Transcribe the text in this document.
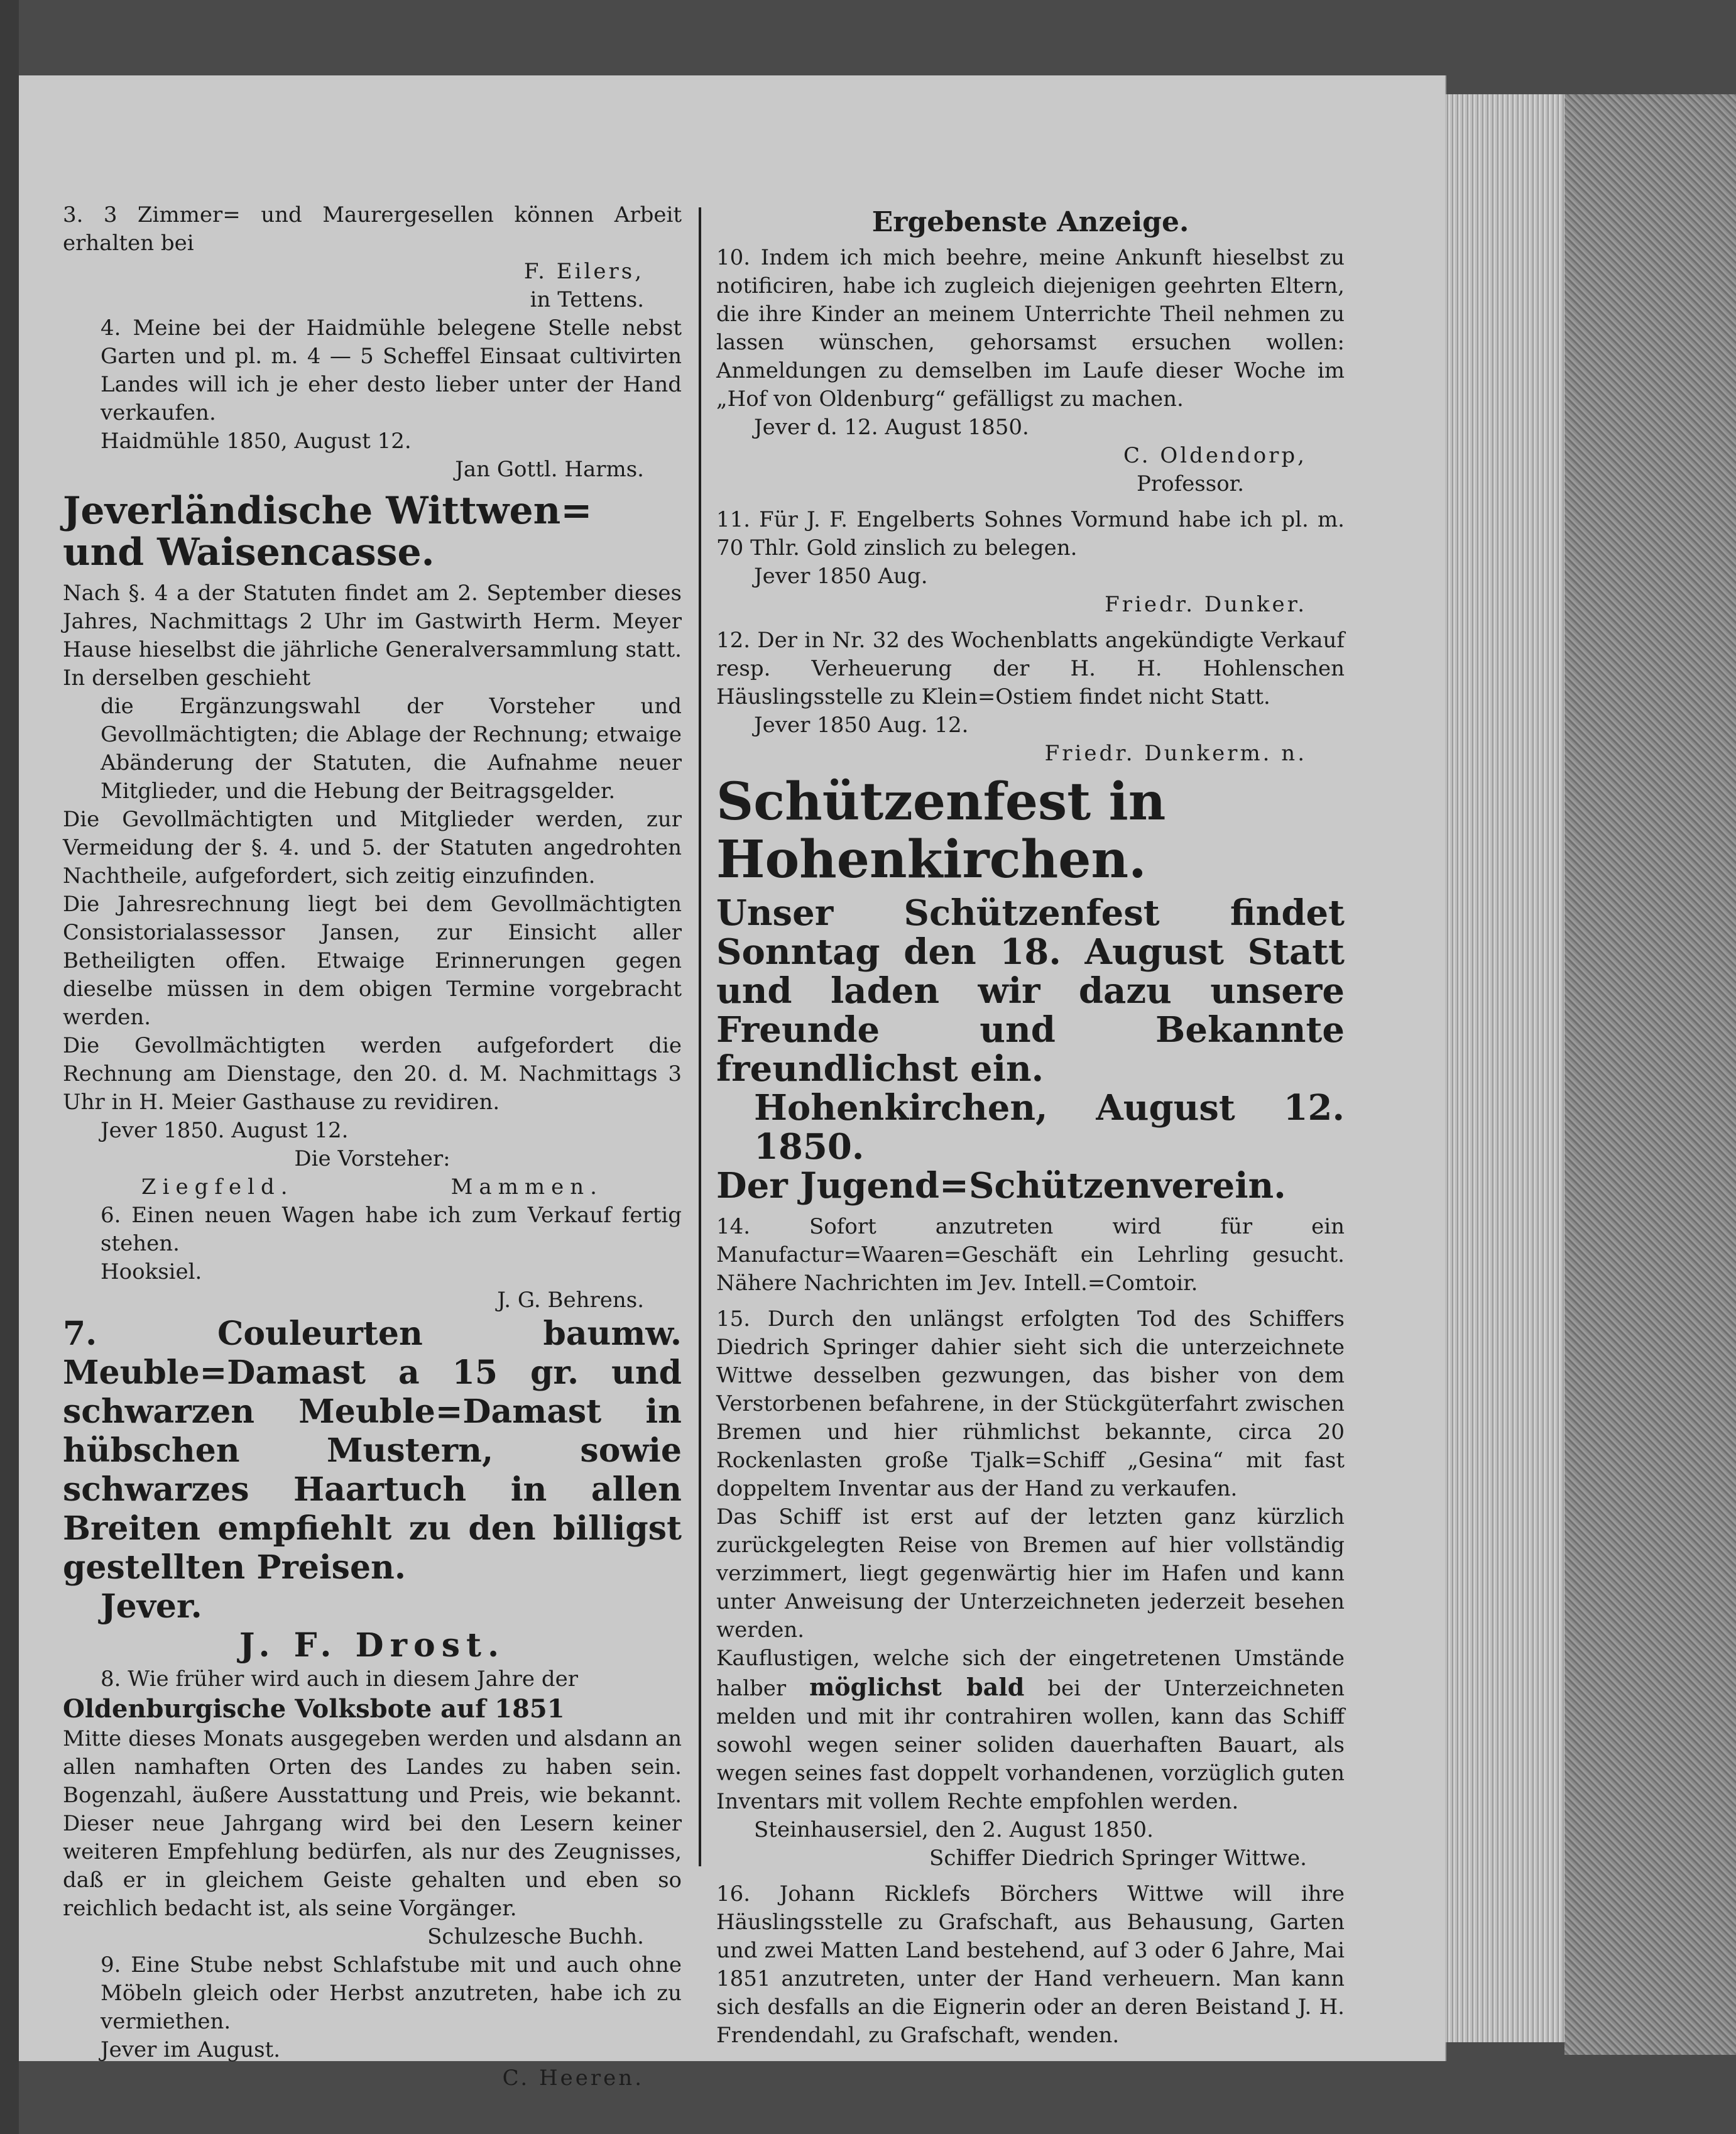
3. 3 Zimmer= und Maurergesellen können Arbeit erhalten bei

F. Eilers,

in Tettens.

4. Meine bei der Haidmühle belegene Stelle nebst Garten und pl. m. 4 — 5 Scheffel Einsaat cultivirten Landes will ich je eher desto lieber unter der Hand verkaufen.

Haidmühle 1850, August 12.

Jan Gottl. Harms.

Jeverländische Wittwen= und Waisencasse.

Nach §. 4 a der Statuten findet am 2. September dieses Jahres, Nachmittags 2 Uhr im Gastwirth Herm. Meyer Hause hieselbst die jährliche Generalversammlung statt. In derselben geschieht

die Ergänzungswahl der Vorsteher und Gevollmächtigten; die Ablage der Rechnung; etwaige Abänderung der Statuten, die Aufnahme neuer Mitglieder, und die Hebung der Beitragsgelder.

Die Gevollmächtigten und Mitglieder werden, zur Vermeidung der §. 4. und 5. der Statuten angedrohten Nachtheile, aufgefordert, sich zeitig einzufinden.

Die Jahresrechnung liegt bei dem Gevollmächtigten Consistorialassessor Jansen, zur Einsicht aller Betheiligten offen. Etwaige Erinnerungen gegen dieselbe müssen in dem obigen Termine vorgebracht werden.

Die Gevollmächtigten werden aufgefordert die Rechnung am Dienstage, den 20. d. M. Nachmittags 3 Uhr in H. Meier Gasthause zu revidiren.

Jever 1850. August 12.

Die Vorsteher:

Ziegfeld.	Mammen.

6. Einen neuen Wagen habe ich zum Verkauf fertig stehen.

Hooksiel.

J. G. Behrens.

7. Couleurten baumw. Meuble=Damast a 15 gr. und schwarzen Meuble=Damast in hübschen Mustern, sowie schwarzes Haartuch in allen Breiten empfiehlt zu den billigst gestellten Preisen.

Jever.

J. F. Drost.

8. Wie früher wird auch in diesem Jahre der

Oldenburgische Volksbote auf 1851

Mitte dieses Monats ausgegeben werden und alsdann an allen namhaften Orten des Landes zu haben sein. Bogenzahl, äußere Ausstattung und Preis, wie bekannt. Dieser neue Jahrgang wird bei den Lesern keiner weiteren Empfehlung bedürfen, als nur des Zeugnisses, daß er in gleichem Geiste gehalten und eben so reichlich bedacht ist, als seine Vorgänger.

Schulzesche Buchh.

9. Eine Stube nebst Schlafstube mit und auch ohne Möbeln gleich oder Herbst anzutreten, habe ich zu vermiethen.

Jever im August.

C. Heeren.

Ergebenste Anzeige.

10. Indem ich mich beehre, meine Ankunft hieselbst zu notificiren, habe ich zugleich diejenigen geehrten Eltern, die ihre Kinder an meinem Unterrichte Theil nehmen zu lassen wünschen, gehorsamst ersuchen wollen: Anmeldungen zu demselben im Laufe dieser Woche im „Hof von Oldenburg“ gefälligst zu machen.

Jever d. 12. August 1850.

C. Oldendorp,

Professor.

11. Für J. F. Engelberts Sohnes Vormund habe ich pl. m. 70 Thlr. Gold zinslich zu belegen.

Jever 1850 Aug.

Friedr. Dunker.

12. Der in Nr. 32 des Wochenblatts angekündigte Verkauf resp. Verheuerung der H. H. Hohlenschen Häuslingsstelle zu Klein=Ostiem findet nicht Statt.

Jever 1850 Aug. 12.

Friedr. Dunkerm. n.

Schützenfest in Hohenkirchen.

Unser Schützenfest findet Sonntag den 18. August Statt und laden wir dazu unsere Freunde und Bekannte freundlichst ein.

Hohenkirchen, August 12. 1850.

Der Jugend=Schützenverein.

14. Sofort anzutreten wird für ein Manufactur=Waaren=Geschäft ein Lehrling gesucht. Nähere Nachrichten im Jev. Intell.=Comtoir.

15. Durch den unlängst erfolgten Tod des Schiffers Diedrich Springer dahier sieht sich die unterzeichnete Wittwe desselben gezwungen, das bisher von dem Verstorbenen befahrene, in der Stückgüterfahrt zwischen Bremen und hier rühmlichst bekannte, circa 20 Rockenlasten große Tjalk=Schiff „Gesina“ mit fast doppeltem Inventar aus der Hand zu verkaufen.

Das Schiff ist erst auf der letzten ganz kürzlich zurückgelegten Reise von Bremen auf hier vollständig verzimmert, liegt gegenwärtig hier im Hafen und kann unter Anweisung der Unterzeichneten jederzeit besehen werden.

Kauflustigen, welche sich der eingetretenen Umstände halber möglichst bald bei der Unterzeichneten melden und mit ihr contrahiren wollen, kann das Schiff sowohl wegen seiner soliden dauerhaften Bauart, als wegen seines fast doppelt vorhandenen, vorzüglich guten Inventars mit vollem Rechte empfohlen werden.

Steinhausersiel, den 2. August 1850.

Schiffer Diedrich Springer Wittwe.

16. Johann Ricklefs Börchers Wittwe will ihre Häuslingsstelle zu Grafschaft, aus Behausung, Garten und zwei Matten Land bestehend, auf 3 oder 6 Jahre, Mai 1851 anzutreten, unter der Hand verheuern. Man kann sich desfalls an die Eignerin oder an deren Beistand J. H. Frendendahl, zu Grafschaft, wenden.
